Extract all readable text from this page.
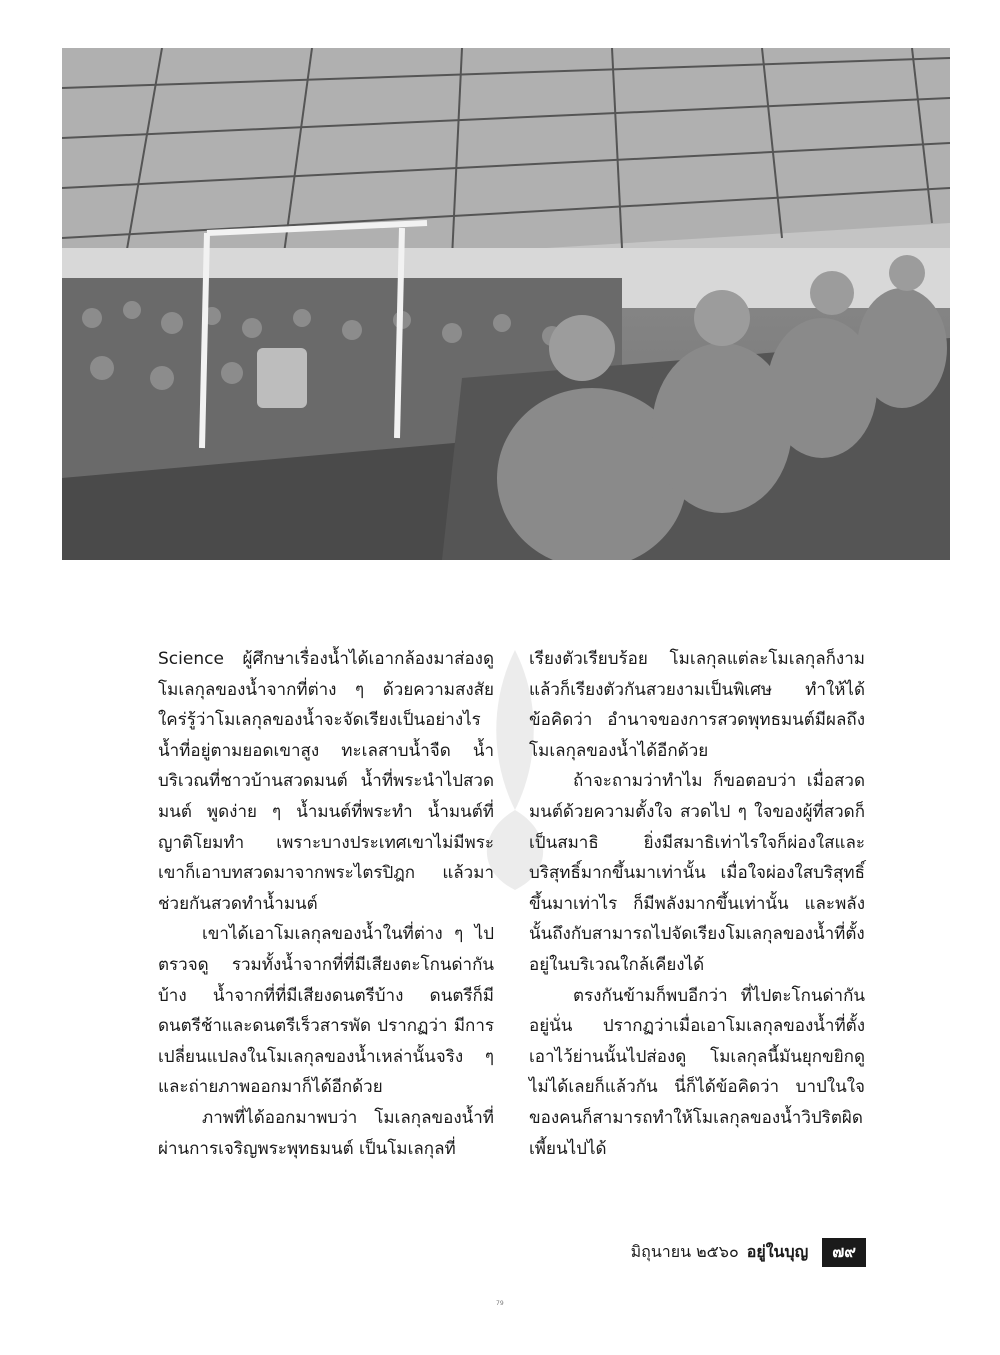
Science ผู้ศึกษาเรื่องน้ำได้เอากล้องมาส่องดูโมเลกุลของน้ำจากที่ต่าง ๆ ด้วยความสงสัยใคร่รู้ว่าโมเลกุลของน้ำจะจัดเรียงเป็นอย่างไร น้ำที่อยู่ตามยอดเขาสูง ทะเลสาบน้ำจืด น้ำบริเวณที่ชาวบ้านสวดมนต์ น้ำที่พระนำไปสวดมนต์ พูดง่าย ๆ น้ำมนต์ที่พระทำ น้ำมนต์ที่ญาติโยมทำ เพราะบางประเทศเขาไม่มีพระ เขาก็เอาบทสวดมาจากพระไตรปิฎก แล้วมาช่วยกันสวดทำน้ำมนต์

เขาได้เอาโมเลกุลของน้ำในที่ต่าง ๆ ไปตรวจดู รวมทั้งน้ำจากที่ที่มีเสียงตะโกนด่ากันบ้าง น้ำจากที่ที่มีเสียงดนตรีบ้าง ดนตรีก็มีดนตรีช้าและดนตรีเร็วสารพัด ปรากฏว่า มีการเปลี่ยนแปลงในโมเลกุลของน้ำเหล่านั้นจริง ๆ และถ่ายภาพออกมาก็ได้อีกด้วย

ภาพที่ได้ออกมาพบว่า โมเลกุลของน้ำที่ผ่านการเจริญพระพุทธมนต์ เป็นโมเลกุลที่

เรียงตัวเรียบร้อย โมเลกุลแต่ละโมเลกุลก็งามแล้วก็เรียงตัวกันสวยงามเป็นพิเศษ ทำให้ได้ข้อคิดว่า อำนาจของการสวดพุทธมนต์มีผลถึงโมเลกุลของน้ำได้อีกด้วย

ถ้าจะถามว่าทำไม ก็ขอตอบว่า เมื่อสวดมนต์ด้วยความตั้งใจ สวดไป ๆ ใจของผู้ที่สวดก็เป็นสมาธิ ยิ่งมีสมาธิเท่าไรใจก็ผ่องใสและบริสุทธิ์มากขึ้นมาเท่านั้น เมื่อใจผ่องใสบริสุทธิ์ขึ้นมาเท่าไร ก็มีพลังมากขึ้นเท่านั้น และพลังนั้นถึงกับสามารถไปจัดเรียงโมเลกุลของน้ำที่ตั้งอยู่ในบริเวณใกล้เคียงได้

ตรงกันข้ามก็พบอีกว่า ที่ไปตะโกนด่ากันอยู่นั่น ปรากฏว่าเมื่อเอาโมเลกุลของน้ำที่ตั้งเอาไว้ย่านนั้นไปส่องดู โมเลกุลนี้มันยุกขยิกดูไม่ได้เลยก็แล้วกัน นี่ก็ได้ข้อคิดว่า บาปในใจของคนก็สามารถทำให้โมเลกุลของน้ำวิปริตผิดเพี้ยนไปได้

มิถุนายน ๒๕๖๐ อยู่ในบุญ	๗๙
79
